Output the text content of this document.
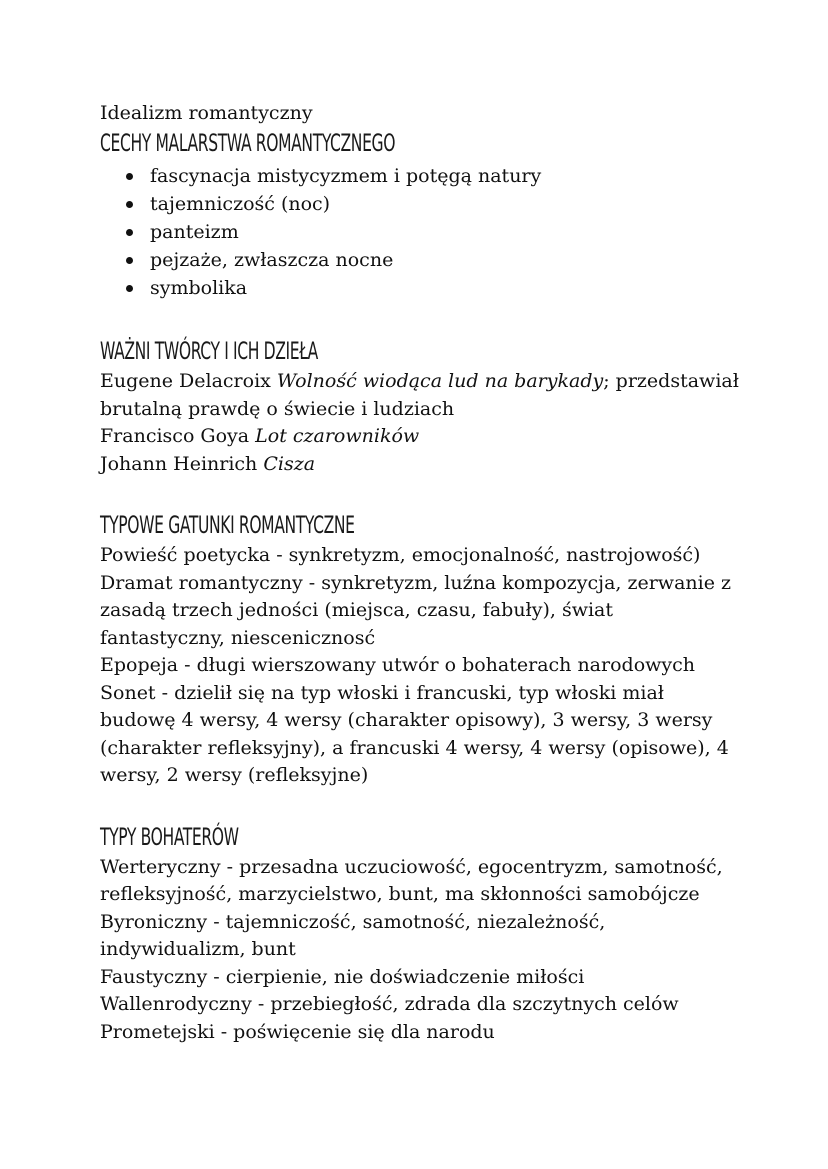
Idealizm romantyczny

CECHY MALARSTWA ROMANTYCZNEGO

fascynacja mistycyzmem i potęgą natury
tajemniczość (noc)
panteizm
pejzaże, zwłaszcza nocne
symbolika

WAŻNI TWÓRCY I ICH DZIEŁA

Eugene Delacroix Wolność wiodąca lud na barykady; przedstawiał brutalną prawdę o świecie i ludziach

Francisco Goya Lot czarowników

Johann Heinrich Cisza

TYPOWE GATUNKI ROMANTYCZNE

Powieść poetycka - synkretyzm, emocjonalność, nastrojowość)

Dramat romantyczny - synkretyzm, luźna kompozycja, zerwanie z zasadą trzech jedności (miejsca, czasu, fabuły), świat fantastyczny, niescenicznosć

Epopeja - długi wierszowany utwór o bohaterach narodowych

Sonet - dzielił się na typ włoski i francuski, typ włoski miał budowę 4 wersy, 4 wersy (charakter opisowy), 3 wersy, 3 wersy (charakter refleksyjny), a francuski 4 wersy, 4 wersy (opisowe), 4 wersy, 2 wersy (refleksyjne)

TYPY BOHATERÓW

Werteryczny - przesadna uczuciowość, egocentryzm, samotność, refleksyjność, marzycielstwo, bunt, ma skłonności samobójcze

Byroniczny - tajemniczość, samotność, niezależność, indywidualizm, bunt

Faustyczny - cierpienie, nie doświadczenie miłości

Wallenrodyczny - przebiegłość, zdrada dla szczytnych celów

Prometejski - poświęcenie się dla narodu
